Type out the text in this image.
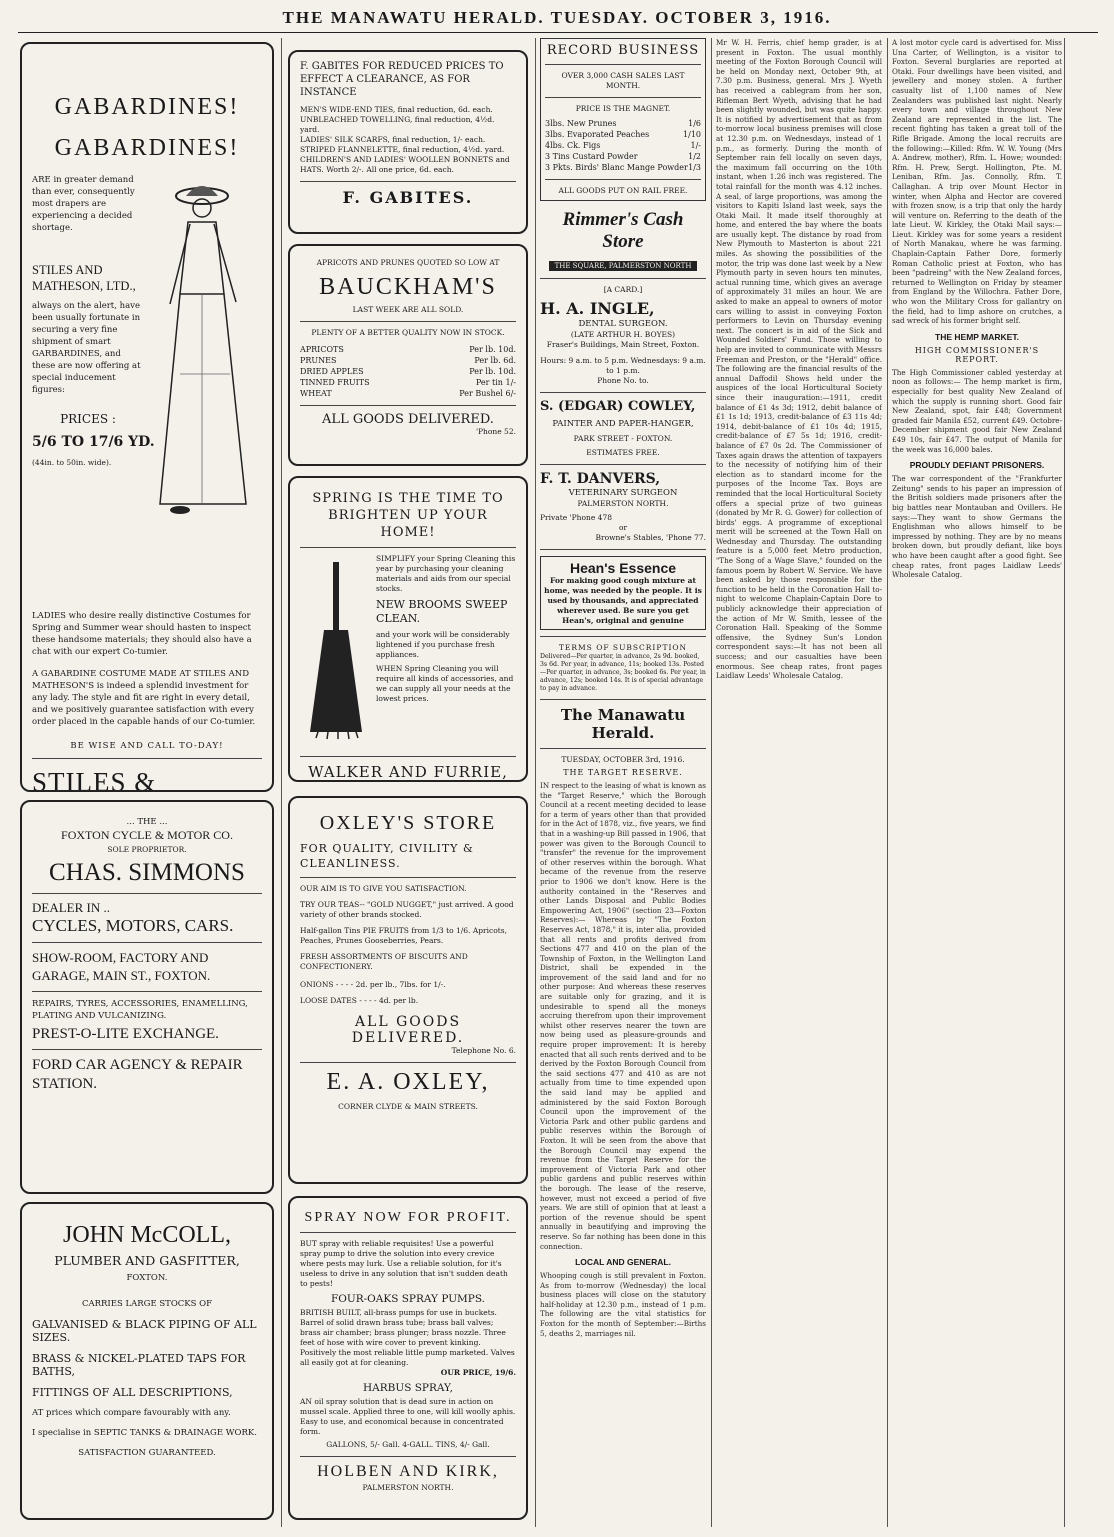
THE MANAWATU HERALD. TUESDAY. OCTOBER 3, 1916.
GABARDINES!
GABARDINES!
ARE in greater demand than ever, consequently most drapers are experiencing a decided shortage.
STILES AND MATHESON, LTD.,
always on the alert, have been usually fortunate in securing a very fine shipment of smart GARBARDINES, and these are now offering at special inducement figures:
PRICES :
5/6 TO 17/6 YD.
(44in. to 50in. wide).
LADIES who desire really distinctive Costumes for Spring and Summer wear should hasten to inspect these handsome materials; they should also have a chat with our expert Co-tumier.
A GABARDINE COSTUME MADE AT STILES AND MATHESON'S is indeed a splendid investment for any lady. The style and fit are right in every detail, and we positively guarantee satisfaction with every order placed in the capable hands of our Co-tumier.
BE WISE AND CALL TO-DAY!
STILES &
... THE ...
FOXTON CYCLE & MOTOR CO.
SOLE PROPRIETOR.
CHAS. SIMMONS
DEALER IN ..
CYCLES, MOTORS, CARS.
SHOW-ROOM, FACTORY AND GARAGE, MAIN ST., FOXTON.
REPAIRS, TYRES, ACCESSORIES, ENAMELLING, PLATING AND VULCANIZING.
PREST-O-LITE EXCHANGE.
FORD CAR AGENCY & REPAIR STATION.
JOHN McCOLL,
PLUMBER AND GASFITTER,
FOXTON.
CARRIES LARGE STOCKS OF
GALVANISED & BLACK PIPING OF ALL SIZES.
BRASS & NICKEL-PLATED TAPS FOR BATHS,
FITTINGS OF ALL DESCRIPTIONS,
AT prices which compare favourably with any.
I specialise in SEPTIC TANKS & DRAINAGE WORK.
SATISFACTION GUARANTEED.
F. GABITES FOR REDUCED PRICES TO EFFECT A CLEARANCE, AS FOR INSTANCE
MEN'S WIDE-END TIES, final reduction, 6d. each.
UNBLEACHED TOWELLING, final reduction, 4½d. yard.
LADIES' SILK SCARFS, final reduction, 1/- each.
STRIPED FLANNELETTE, final reduction, 4½d. yard.
CHILDREN'S AND LADIES' WOOLLEN BONNETS and HATS. Worth 2/-. All one price, 6d. each.
F. GABITES.
APRICOTS AND PRUNES QUOTED SO LOW AT
BAUCKHAM'S
LAST WEEK ARE ALL SOLD.
PLENTY OF A BETTER QUALITY NOW IN STOCK.
APRICOTS	Per lb. 10d.
PRUNES	Per lb. 6d.
DRIED APPLES	Per lb. 10d.
TINNED FRUITS	Per tin 1/-
WHEAT	Per Bushel 6/-
ALL GOODS DELIVERED.
'Phone 52.
SPRING IS THE TIME TO BRIGHTEN UP YOUR HOME!
SIMPLIFY your Spring Cleaning this year by purchasing your cleaning materials and aids from our special stocks.
NEW BROOMS SWEEP CLEAN.
and your work will be considerably lightened if you purchase fresh appliances.
WHEN Spring Cleaning you will require all kinds of accessories, and we can supply all your needs at the lowest prices.
WALKER AND FURRIE,
OXLEY'S STORE
FOR QUALITY, CIVILITY & CLEANLINESS.
OUR AIM IS TO GIVE YOU SATISFACTION.
TRY OUR TEAS-- "GOLD NUGGET," just arrived. A good variety of other brands stocked.
Half-gallon Tins PIE FRUITS from 1/3 to 1/6. Apricots, Peaches, Prunes Gooseberries, Pears.
FRESH ASSORTMENTS OF BISCUITS AND CONFECTIONERY.
ONIONS - - - - 2d. per lb., 7lbs. for 1/-.
LOOSE DATES - - - - 4d. per lb.
ALL GOODS DELIVERED.
Telephone No. 6.
E. A. OXLEY,
CORNER CLYDE & MAIN STREETS.
SPRAY NOW FOR PROFIT.
BUT spray with reliable requisites! Use a powerful spray pump to drive the solution into every crevice where pests may lurk. Use a reliable solution, for it's useless to drive in any solution that isn't sudden death to pests!
FOUR-OAKS SPRAY PUMPS.
BRITISH BUILT, all-brass pumps for use in buckets. Barrel of solid drawn brass tube; brass ball valves; brass air chamber; brass plunger; brass nozzle. Three feet of hose with wire cover to prevent kinking. Positively the most reliable little pump marketed. Valves all easily got at for cleaning.
OUR PRICE, 19/6.
HARBUS SPRAY,
AN oil spray solution that is dead sure in action on mussel scale. Applied three to one, will kill woolly aphis. Easy to use, and economical because in concentrated form.
GALLONS, 5/- Gall. 4-GALL. TINS, 4/- Gall.
HOLBEN AND KIRK,
PALMERSTON NORTH.
RECORD BUSINESS
OVER 3,000 CASH SALES LAST MONTH.
PRICE IS THE MAGNET.
3lbs. New Prunes	1/6
3lbs. Evaporated Peaches	1/10
4lbs. Ck. Figs	1/-
3 Tins Custard Powder	1/2
3 Pkts. Birds' Blanc Mange Powder 1/3
ALL GOODS PUT ON RAIL FREE.
Rimmer's Cash Store
THE SQUARE, PALMERSTON NORTH
[A CARD.]
H. A. INGLE,
DENTAL SURGEON.
(LATE ARTHUR H. BOYES)
Fraser's Buildings, Main Street, Foxton.
Hours: 9 a.m. to 5 p.m. Wednesdays: 9 a.m. to 1 p.m.
Phone No. to.
S. (EDGAR) COWLEY,
PAINTER AND PAPER-HANGER,
PARK STREET - FOXTON.
ESTIMATES FREE.
F. T. DANVERS,
VETERINARY SURGEON
PALMERSTON NORTH.
Private 'Phone 478
or
Browne's Stables, 'Phone 77.
Hean's Essence
For making good cough mixture at home, was needed by the people. It is used by thousands, and appreciated wherever used. Be sure you get Hean's, original and genuine
TERMS OF SUBSCRIPTION
Delivered—Per quarter, in advance, 2s 9d. booked, 3s 6d. Per year, in advance, 11s; booked 13s. Posted—Per quarter, in advance, 3s; booked 6s. Per year, in advance, 12s; booked 14s. It is of special advantage to pay in advance.
The Manawatu Herald.
TUESDAY, OCTOBER 3rd, 1916.
THE TARGET RESERVE.
IN respect to the leasing of what is known as the "Target Reserve," which the Borough Council at a recent meeting decided to lease for a term of years other than that provided for in the Act of 1878, viz., five years, we find that in a washing-up Bill passed in 1906, that power was given to the Borough Council to "transfer" the revenue for the improvement of other reserves within the borough. What became of the revenue from the reserve prior to 1906 we don't know. Here is the authority contained in the "Reserves and other Lands Disposal and Public Bodies Empowering Act, 1906" (section 23—Foxton Reserves):— Whereas by "The Foxton Reserves Act, 1878," it is, inter alia, provided that all rents and profits derived from Sections 477 and 410 on the plan of the Township of Foxton, in the Wellington Land District, shall be expended in the improvement of the said land and for no other purpose: And whereas these reserves are suitable only for grazing, and it is undesirable to spend all the moneys accruing therefrom upon their improvement whilst other reserves nearer the town are now being used as pleasure-grounds and require proper improvement: It is hereby enacted that all such rents derived and to be derived by the Foxton Borough Council from the said sections 477 and 410 as are not actually from time to time expended upon the said land may be applied and administered by the said Foxton Borough Council upon the improvement of the Victoria Park and other public gardens and public reserves within the Borough of Foxton. It will be seen from the above that the Borough Council may expend the revenue from the Target Reserve for the improvement of Victoria Park and other public gardens and public reserves within the borough. The lease of the reserve, however, must not exceed a period of five years. We are still of opinion that at least a portion of the revenue should be spent annually in beautifying and improving the reserve. So far nothing has been done in this connection.
LOCAL AND GENERAL.
Whooping cough is still prevalent in Foxton. As from to-morrow (Wednesday) the local business places will close on the statutory half-holiday at 12.30 p.m., instead of 1 p.m. The following are the vital statistics for Foxton for the month of September:—Births 5, deaths 2, marriages nil.
Mr W. H. Ferris, chief hemp grader, is at present in Foxton. The usual monthly meeting of the Foxton Borough Council will be held on Monday next, October 9th, at 7.30 p.m. Business, general. Mrs J. Wyeth has received a cablegram from her son, Rifleman Bert Wyeth, advising that he had been slightly wounded, but was quite happy. It is notified by advertisement that as from to-morrow local business premises will close at 12.30 p.m. on Wednesdays, instead of 1 p.m., as formerly. During the month of September rain fell locally on seven days, the maximum fall occurring on the 10th instant, when 1.26 inch was registered. The total rainfall for the month was 4.12 inches. A seal, of large proportions, was among the visitors to Kapiti Island last week, says the Otaki Mail. It made itself thoroughly at home, and entered the bay where the boats are usually kept. The distance by road from New Plymouth to Masterton is about 221 miles. As showing the possibilities of the motor, the trip was done last week by a New Plymouth party in seven hours ten minutes, actual running time, which gives an average of approximately 31 miles an hour. We are asked to make an appeal to owners of motor cars willing to assist in conveying Foxton performers to Levin on Thursday evening next. The concert is in aid of the Sick and Wounded Soldiers' Fund. Those willing to help are invited to communicate with Messrs Freeman and Preston, or the "Herald" office. The following are the financial results of the annual Daffodil Shows held under the auspices of the local Horticultural Society since their inauguration:—1911, credit balance of £1 4s 3d; 1912, debit balance of £1 1s 1d; 1913, credit-balance of £3 11s 4d; 1914, debit-balance of £1 10s 4d; 1915, credit-balance of £7 5s 1d; 1916, credit-balance of £7 0s 2d. The Commissioner of Taxes again draws the attention of taxpayers to the necessity of notifying him of their election as to standard income for the purposes of the Income Tax. Boys are reminded that the local Horticultural Society offers a special prize of two guineas (donated by Mr R. G. Gower) for collection of birds' eggs. A programme of exceptional merit will be screened at the Town Hall on Wednesday and Thursday. The outstanding feature is a 5,000 feet Metro production, "The Song of a Wage Slave," founded on the famous poem by Robert W. Service. We have been asked by those responsible for the function to be held in the Coronation Hall to-night to welcome Chaplain-Captain Dore to publicly acknowledge their appreciation of the action of Mr W. Smith, lessee of the Coronation Hall. Speaking of the Somme offensive, the Sydney Sun's London correspondent says:—It has not been all success; and our casualties have been enormous. See cheap rates, front pages Laidlaw Leeds' Wholesale Catalog.
A lost motor cycle card is advertised for. Miss Una Carter, of Wellington, is a visitor to Foxton. Several burglaries are reported at Otaki. Four dwellings have been visited, and jewellery and money stolen. A further casualty list of 1,100 names of New Zealanders was published last night. Nearly every town and village throughout New Zealand are represented in the list. The recent fighting has taken a great toll of the Rifle Brigade. Among the local recruits are the following:—Killed: Rfm. W. W. Young (Mrs A. Andrew, mother), Rfm. L. Howe; wounded: Rfm. H. Prew, Sergt. Hollington, Pte. M. Leniban, Rfm. Jas. Connolly, Rfm. T. Callaghan. A trip over Mount Hector in winter, when Alpha and Hector are covered with frozen snow, is a trip that only the hardy will venture on. Referring to the death of the late Lieut. W. Kirkley, the Otaki Mail says:—Lieut. Kirkley was for some years a resident of North Manakau, where he was farming. Chaplain-Captain Father Dore, formerly Roman Catholic priest at Foxton, who has been "padreing" with the New Zealand forces, returned to Wellington on Friday by steamer from England by the Willochra. Father Dore, who won the Military Cross for gallantry on the field, had to limp ashore on crutches, a sad wreck of his former bright self.
THE HEMP MARKET.
HIGH COMMISSIONER'S REPORT.
The High Commissioner cabled yesterday at noon as follows:— The hemp market is firm, especially for best quality New Zealand of which the supply is running short. Good fair New Zealand, spot, fair £48; Government graded fair Manila £52, current £49. Octobre-December shipment good fair New Zealand £49 10s, fair £47. The output of Manila for the week was 16,000 bales.
PROUDLY DEFIANT PRISONERS.
The war correspondent of the "Frankfurter Zeitung" sends to his paper an impression of the British soldiers made prisoners after the big battles near Montauban and Ovillers. He says:—They want to show Germans the Englishman who allows himself to be impressed by nothing. They are by no means broken down, but proudly defiant, like boys who have been caught after a good fight. See cheap rates, front pages Laidlaw Leeds' Wholesale Catalog.
